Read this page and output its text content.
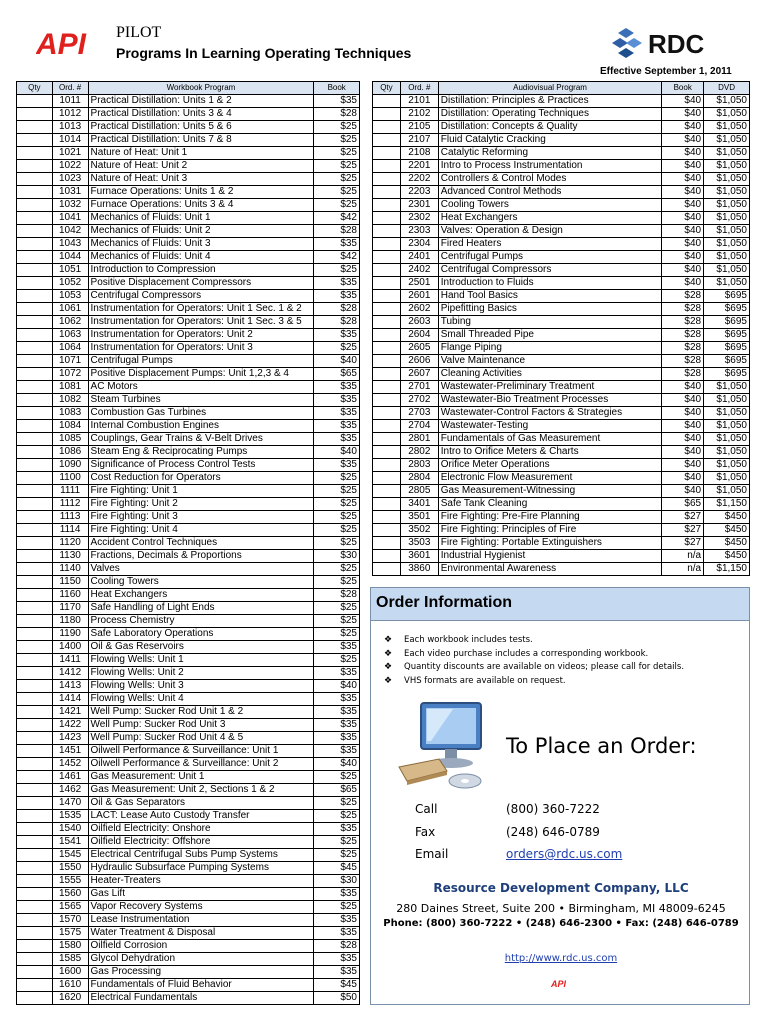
API PILOT
Programs In Learning Operating Techniques	RDC
Effective September 1, 2011
Qty	Ord. #	Workbook Program	Book
	1011	Practical Distillation: Units 1 & 2	$35
	1012	Practical Distillation: Units 3 & 4	$28
	1013	Practical Distillation: Units 5 & 6	$25
	1014	Practical Distillation: Units 7 & 8	$25
	1021	Nature of Heat: Unit 1	$25
	1022	Nature of Heat: Unit 2	$25
	1023	Nature of Heat: Unit 3	$25
	1031	Furnace Operations: Units 1 & 2	$25
	1032	Furnace Operations: Units 3 & 4	$25
	1041	Mechanics of Fluids: Unit 1	$42
	1042	Mechanics of Fluids: Unit 2	$28
	1043	Mechanics of Fluids: Unit 3	$35
	1044	Mechanics of Fluids: Unit 4	$42
	1051	Introduction to Compression	$25
	1052	Positive Displacement Compressors	$35
	1053	Centrifugal Compressors	$35
	1061	Instrumentation for Operators: Unit 1 Sec. 1 & 2	$28
	1062	Instrumentation for Operators: Unit 1 Sec. 3 & 5	$28
	1063	Instrumentation for Operators: Unit 2	$35
	1064	Instrumentation for Operators: Unit 3	$25
	1071	Centrifugal Pumps	$40
	1072	Positive Displacement Pumps: Unit 1,2,3 & 4	$65
	1081	AC Motors	$35
	1082	Steam Turbines	$35
	1083	Combustion Gas Turbines	$35
	1084	Internal Combustion Engines	$35
	1085	Couplings, Gear Trains & V-Belt Drives	$35
	1086	Steam Eng & Reciprocating Pumps	$40
	1090	Significance of Process Control Tests	$35
	1100	Cost Reduction for Operators	$25
	1111	Fire Fighting: Unit 1	$25
	1112	Fire Fighting: Unit 2	$25
	1113	Fire Fighting: Unit 3	$25
	1114	Fire Fighting: Unit 4	$25
	1120	Accident Control Techniques	$25
	1130	Fractions, Decimals & Proportions	$30
	1140	Valves	$25
	1150	Cooling Towers	$25
	1160	Heat Exchangers	$28
	1170	Safe Handling of Light Ends	$25
	1180	Process Chemistry	$25
	1190	Safe Laboratory Operations	$25
	1400	Oil & Gas Reservoirs	$35
	1411	Flowing Wells: Unit 1	$25
	1412	Flowing Wells: Unit 2	$35
	1413	Flowing Wells: Unit 3	$40
	1414	Flowing Wells: Unit 4	$35
	1421	Well Pump: Sucker Rod Unit 1 & 2	$35
	1422	Well Pump: Sucker Rod Unit 3	$35
	1423	Well Pump: Sucker Rod Unit 4 & 5	$35
	1451	Oilwell Performance & Surveillance: Unit 1	$35
	1452	Oilwell Performance & Surveillance: Unit 2	$40
	1461	Gas Measurement: Unit 1	$25
	1462	Gas Measurement: Unit 2, Sections 1 & 2	$65
	1470	Oil & Gas Separators	$25
	1535	LACT: Lease Auto Custody Transfer	$25
	1540	Oilfield Electricity: Onshore	$35
	1541	Oilfield Electricity: Offshore	$25
	1545	Electrical Centrifugal Subs Pump Systems	$25
	1550	Hydraulic Subsurface Pumping Systems	$45
	1555	Heater-Treaters	$30
	1560	Gas Lift	$35
	1565	Vapor Recovery Systems	$25
	1570	Lease Instrumentation	$35
	1575	Water Treatment & Disposal	$35
	1580	Oilfield Corrosion	$28
	1585	Glycol Dehydration	$35
	1600	Gas Processing	$35
	1610	Fundamentals of Fluid Behavior	$45
	1620	Electrical Fundamentals	$50
Qty	Ord. #	Audiovisual Program	Book	DVD
	2101	Distillation: Principles & Practices	$40	$1,050
	2102	Distillation: Operating Techniques	$40	$1,050
	2105	Distillation: Concepts & Quality	$40	$1,050
	2107	Fluid Catalytic Cracking	$40	$1,050
	2108	Catalytic Reforming	$40	$1,050
	2201	Intro to Process Instrumentation	$40	$1,050
	2202	Controllers & Control Modes	$40	$1,050
	2203	Advanced Control Methods	$40	$1,050
	2301	Cooling Towers	$40	$1,050
	2302	Heat Exchangers	$40	$1,050
	2303	Valves: Operation & Design	$40	$1,050
	2304	Fired Heaters	$40	$1,050
	2401	Centrifugal Pumps	$40	$1,050
	2402	Centrifugal Compressors	$40	$1,050
	2501	Introduction to Fluids	$40	$1,050
	2601	Hand Tool Basics	$28	$695
	2602	Pipefitting Basics	$28	$695
	2603	Tubing	$28	$695
	2604	Small Threaded Pipe	$28	$695
	2605	Flange Piping	$28	$695
	2606	Valve Maintenance	$28	$695
	2607	Cleaning Activities	$28	$695
	2701	Wastewater-Preliminary Treatment	$40	$1,050
	2702	Wastewater-Bio Treatment Processes	$40	$1,050
	2703	Wastewater-Control Factors & Strategies	$40	$1,050
	2704	Wastewater-Testing	$40	$1,050
	2801	Fundamentals of Gas Measurement	$40	$1,050
	2802	Intro to Orifice Meters & Charts	$40	$1,050
	2803	Orifice Meter Operations	$40	$1,050
	2804	Electronic Flow Measurement	$40	$1,050
	2805	Gas Measurement-Witnessing	$40	$1,050
	3401	Safe Tank Cleaning	$65	$1,150
	3501	Fire Fighting: Pre-Fire Planning	$27	$450
	3502	Fire Fighting: Principles of Fire	$27	$450
	3503	Fire Fighting: Portable Extinguishers	$27	$450
	3601	Industrial Hygienist	n/a	$450
	3860	Environmental Awareness	n/a	$1,150
Order Information
❖ Each workbook includes tests.
❖ Each video purchase includes a corresponding workbook.
❖ Quantity discounts are available on videos; please call for details.
❖ VHS formats are available on request.
To Place an Order:
Call	(800) 360-7222
Fax	(248) 646-0789
Email	orders@rdc.us.com
Resource Development Company, LLC
280 Daines Street, Suite 200 • Birmingham, MI 48009-6245
Phone: (800) 360-7222 • (248) 646-2300 • Fax: (248) 646-0789
http://www.rdc.us.com
API
